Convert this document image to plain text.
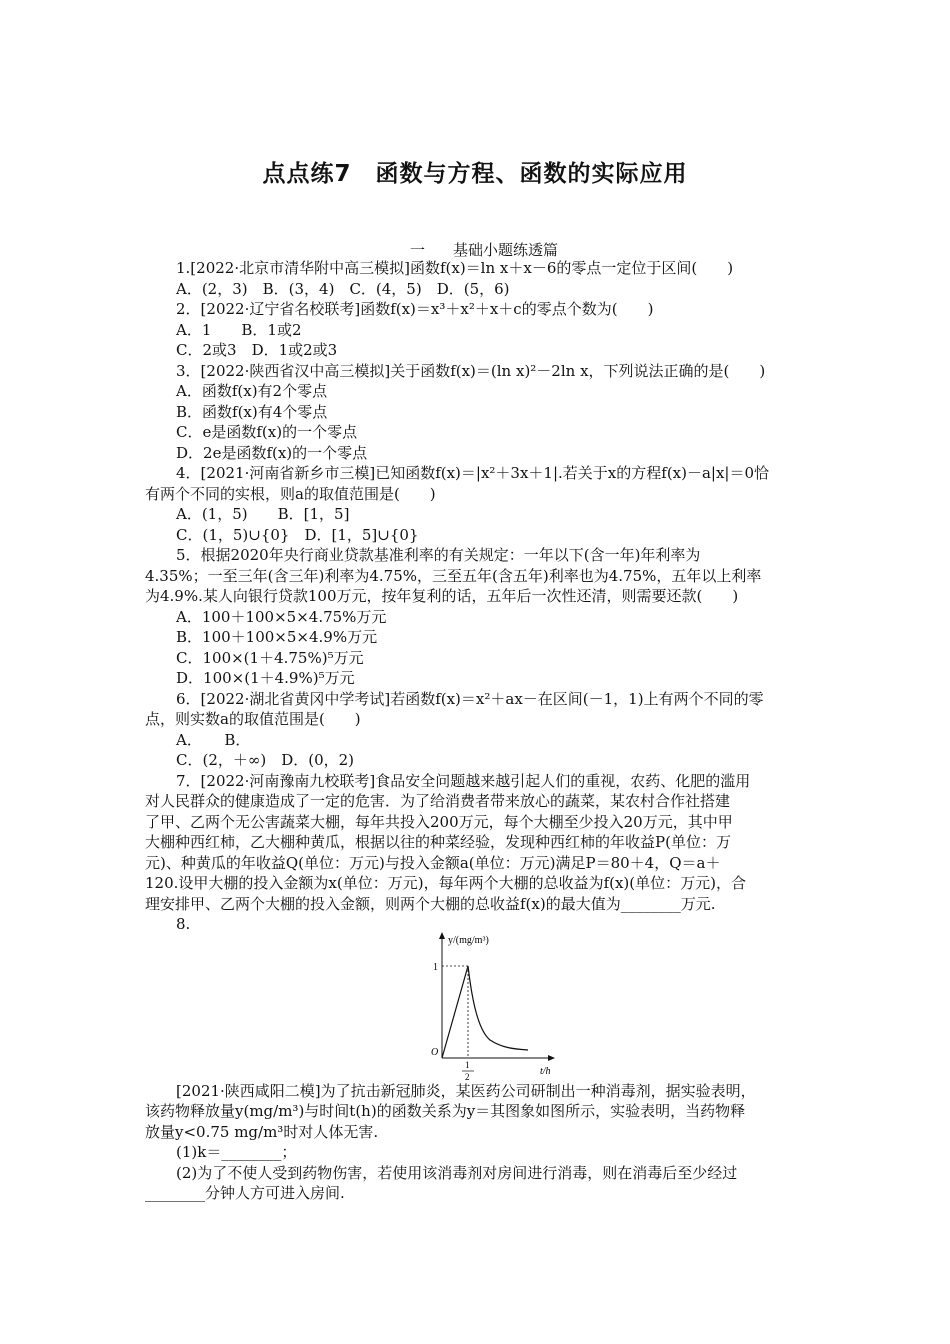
点点练7　函数与方程、函数的实际应用
一 基础小题练透篇
1.[2022·北京市清华附中高三模拟]函数f(x)＝ln x＋x－6的零点一定位于区间(　　)
A．(2，3)　B．(3，4)　C．(4，5)　D．(5，6)
2．[2022·辽宁省名校联考]函数f(x)＝x³＋x²＋x＋c的零点个数为(　　)
A．1　　B．1或2
C．2或3　D．1或2或3
3．[2022·陕西省汉中高三模拟]关于函数f(x)＝(ln x)²－2ln x，下列说法正确的是(　　)
A．函数f(x)有2个零点
B．函数f(x)有4个零点
C．e是函数f(x)的一个零点
D．2e是函数f(x)的一个零点
4．[2021·河南省新乡市三模]已知函数f(x)＝|x²＋3x＋1|.若关于x的方程f(x)－a|x|＝0恰
有两个不同的实根，则a的取值范围是(　　)
A．(1，5)　　B．[1，5]
C．(1，5)∪{0}　D．[1，5]∪{0}
5．根据2020年央行商业贷款基准利率的有关规定：一年以下(含一年)年利率为
4.35%；一至三年(含三年)利率为4.75%，三至五年(含五年)利率也为4.75%，五年以上利率
为4.9%.某人向银行贷款100万元，按年复利的话，五年后一次性还清，则需要还款(　　)
A．100＋100×5×4.75%万元
B．100＋100×5×4.9%万元
C．100×(1＋4.75%)⁵万元
D．100×(1＋4.9%)⁵万元
6．[2022·湖北省黄冈中学考试]若函数f(x)＝x²＋ax－在区间(－1，1)上有两个不同的零
点，则实数a的取值范围是(　　)
A．　　B．
C．(2，＋∞)　D．(0，2)
7．[2022·河南豫南九校联考]食品安全问题越来越引起人们的重视，农药、化肥的滥用
对人民群众的健康造成了一定的危害．为了给消费者带来放心的蔬菜，某农村合作社搭建
了甲、乙两个无公害蔬菜大棚，每年共投入200万元，每个大棚至少投入20万元，其中甲
大棚种西红柿，乙大棚种黄瓜，根据以往的种菜经验，发现种西红柿的年收益P(单位：万
元)、种黄瓜的年收益Q(单位：万元)与投入金额a(单位：万元)满足P＝80＋4，Q＝a＋
120.设甲大棚的投入金额为x(单位：万元)，每年两个大棚的总收益为f(x)(单位：万元)，合
理安排甲、乙两个大棚的投入金额，则两个大棚的总收益f(x)的最大值为________万元.
8.
y/(mg/m³)
1
O
1
2	t/h
[2021·陕西咸阳二模]为了抗击新冠肺炎，某医药公司研制出一种消毒剂，据实验表明，
该药物释放量y(mg/m³)与时间t(h)的函数关系为y＝其图象如图所示，实验表明，当药物释
放量y<0.75 mg/m³时对人体无害.
(1)k＝________；
(2)为了不使人受到药物伤害，若使用该消毒剂对房间进行消毒，则在消毒后至少经过
________分钟人方可进入房间.
